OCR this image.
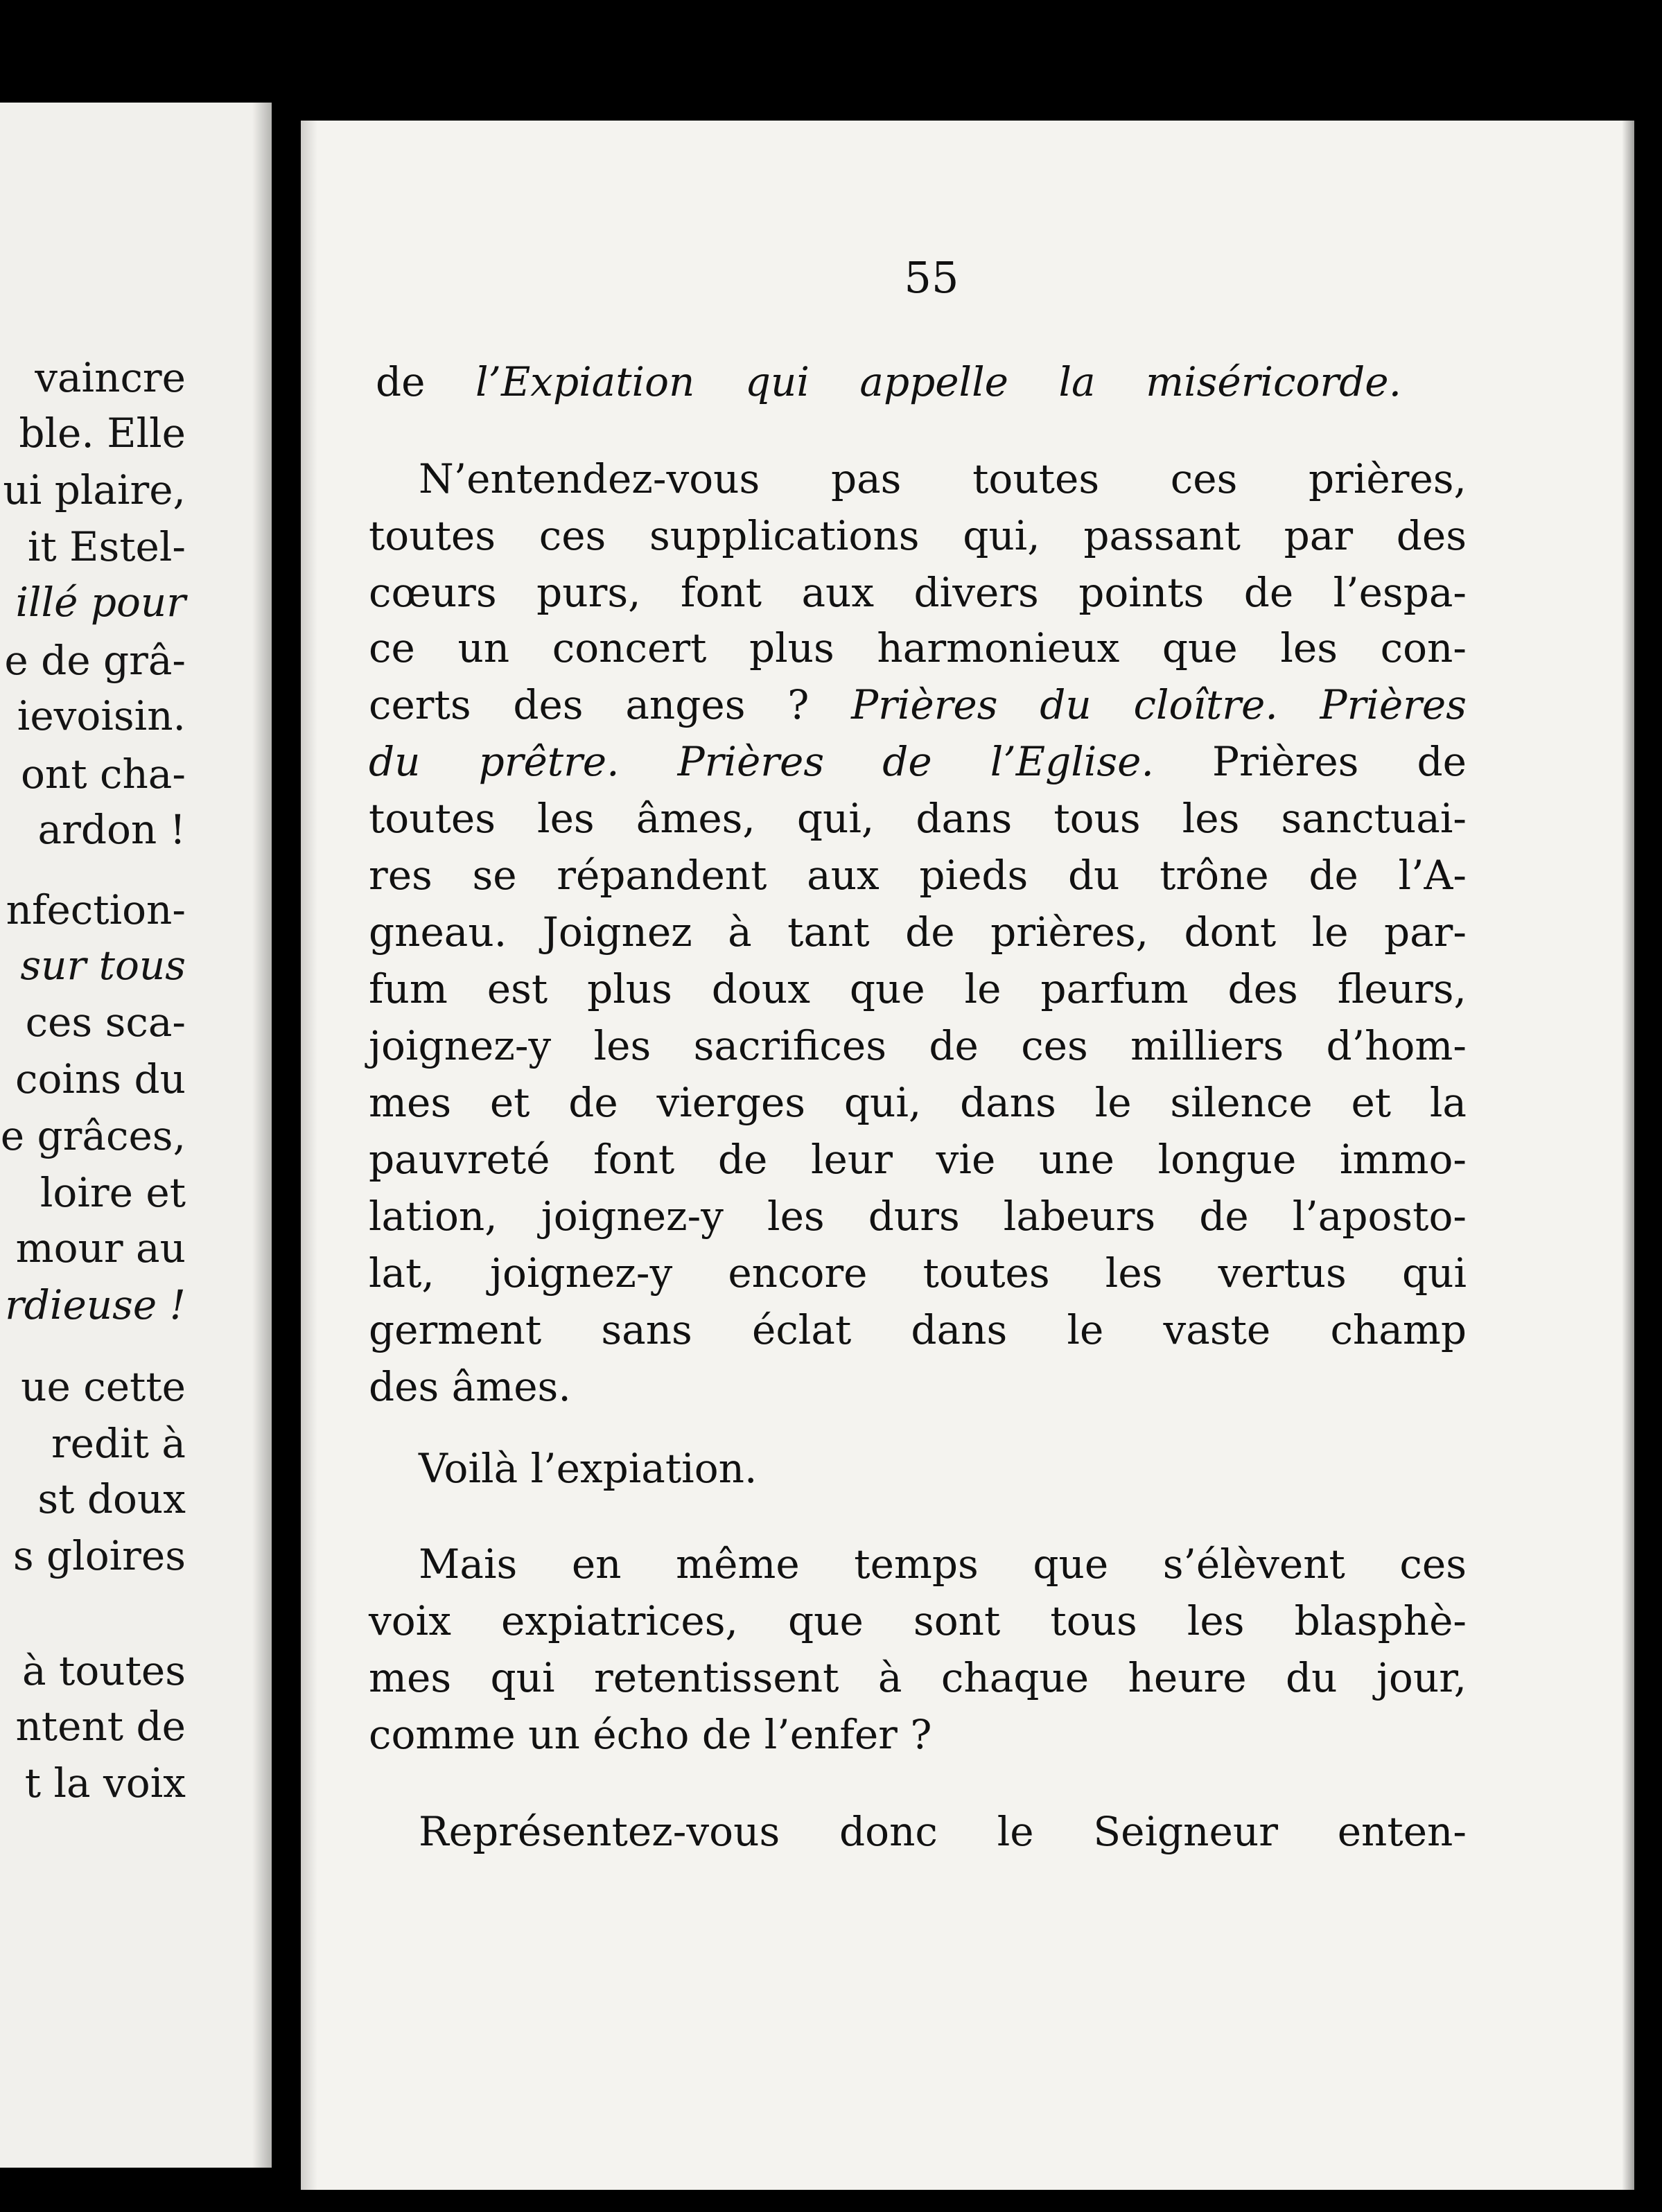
vaincre
ble. Elle
ui plaire,
it Estel-
illé pour
e de grâ-
ievoisin.
ont cha-
ardon !
nfection-
sur tous
ces sca-
coins du
e grâces,
loire et
mour au
rdieuse !
ue cette
redit à
st doux
s gloires
à toutes
ntent de
t la voix
55
de l’Expiation qui appelle la miséricorde.
N’entendez-vous pas toutes ces prières,
toutes ces supplications qui, passant par des
cœurs purs, font aux divers points de l’espa-
ce un concert plus harmonieux que les con-
certs des anges ? Prières du cloître. Prières
du prêtre. Prières de l’Eglise. Prières de
toutes les âmes, qui, dans tous les sanctuai-
res se répandent aux pieds du trône de l’A-
gneau. Joignez à tant de prières, dont le par-
fum est plus doux que le parfum des fleurs,
joignez-y les sacrifices de ces milliers d’hom-
mes et de vierges qui, dans le silence et la
pauvreté font de leur vie une longue immo-
lation, joignez-y les durs labeurs de l’aposto-
lat, joignez-y encore toutes les vertus qui
germent sans éclat dans le vaste champ
des âmes.
Voilà l’expiation.
Mais en même temps que s’élèvent ces
voix expiatrices, que sont tous les blasphè-
mes qui retentissent à chaque heure du jour,
comme un écho de l’enfer ?
Représentez-vous donc le Seigneur enten-
